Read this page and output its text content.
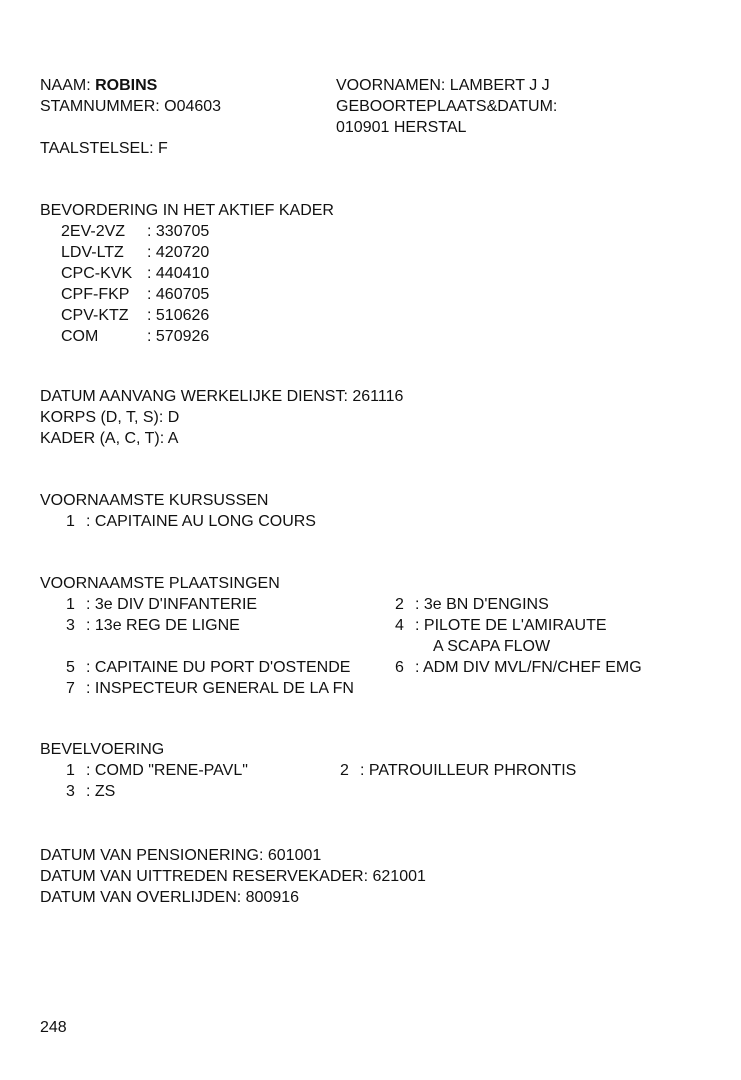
NAAM: ROBINS
STAMNUMMER: O04603
TAALSTELSEL: F
VOORNAMEN: LAMBERT J J
GEBOORTEPLAATS&DATUM:
010901 HERSTAL
BEVORDERING IN HET AKTIEF KADER
2EV-2VZ : 330705
LDV-LTZ : 420720
CPC-KVK : 440410
CPF-FKP : 460705
CPV-KTZ : 510626
COM	: 570926
DATUM AANVANG WERKELIJKE DIENST: 261116
KORPS (D, T, S): D
KADER (A, C, T): A
VOORNAAMSTE KURSUSSEN
1 : CAPITAINE AU LONG COURS
VOORNAAMSTE PLAATSINGEN
1 : 3e DIV D'INFANTERIE	2 : 3e BN D'ENGINS
3 : 13e REG DE LIGNE	4 : PILOTE DE L'AMIRAUTE
A SCAPA FLOW
5 : CAPITAINE DU PORT D'OSTENDE	6 : ADM DIV MVL/FN/CHEF EMG
7 : INSPECTEUR GENERAL DE LA FN
BEVELVOERING
1 : COMD "RENE-PAVL"	2 : PATROUILLEUR PHRONTIS
3 : ZS
DATUM VAN PENSIONERING: 601001
DATUM VAN UITTREDEN RESERVEKADER: 621001
DATUM VAN OVERLIJDEN: 800916
248
